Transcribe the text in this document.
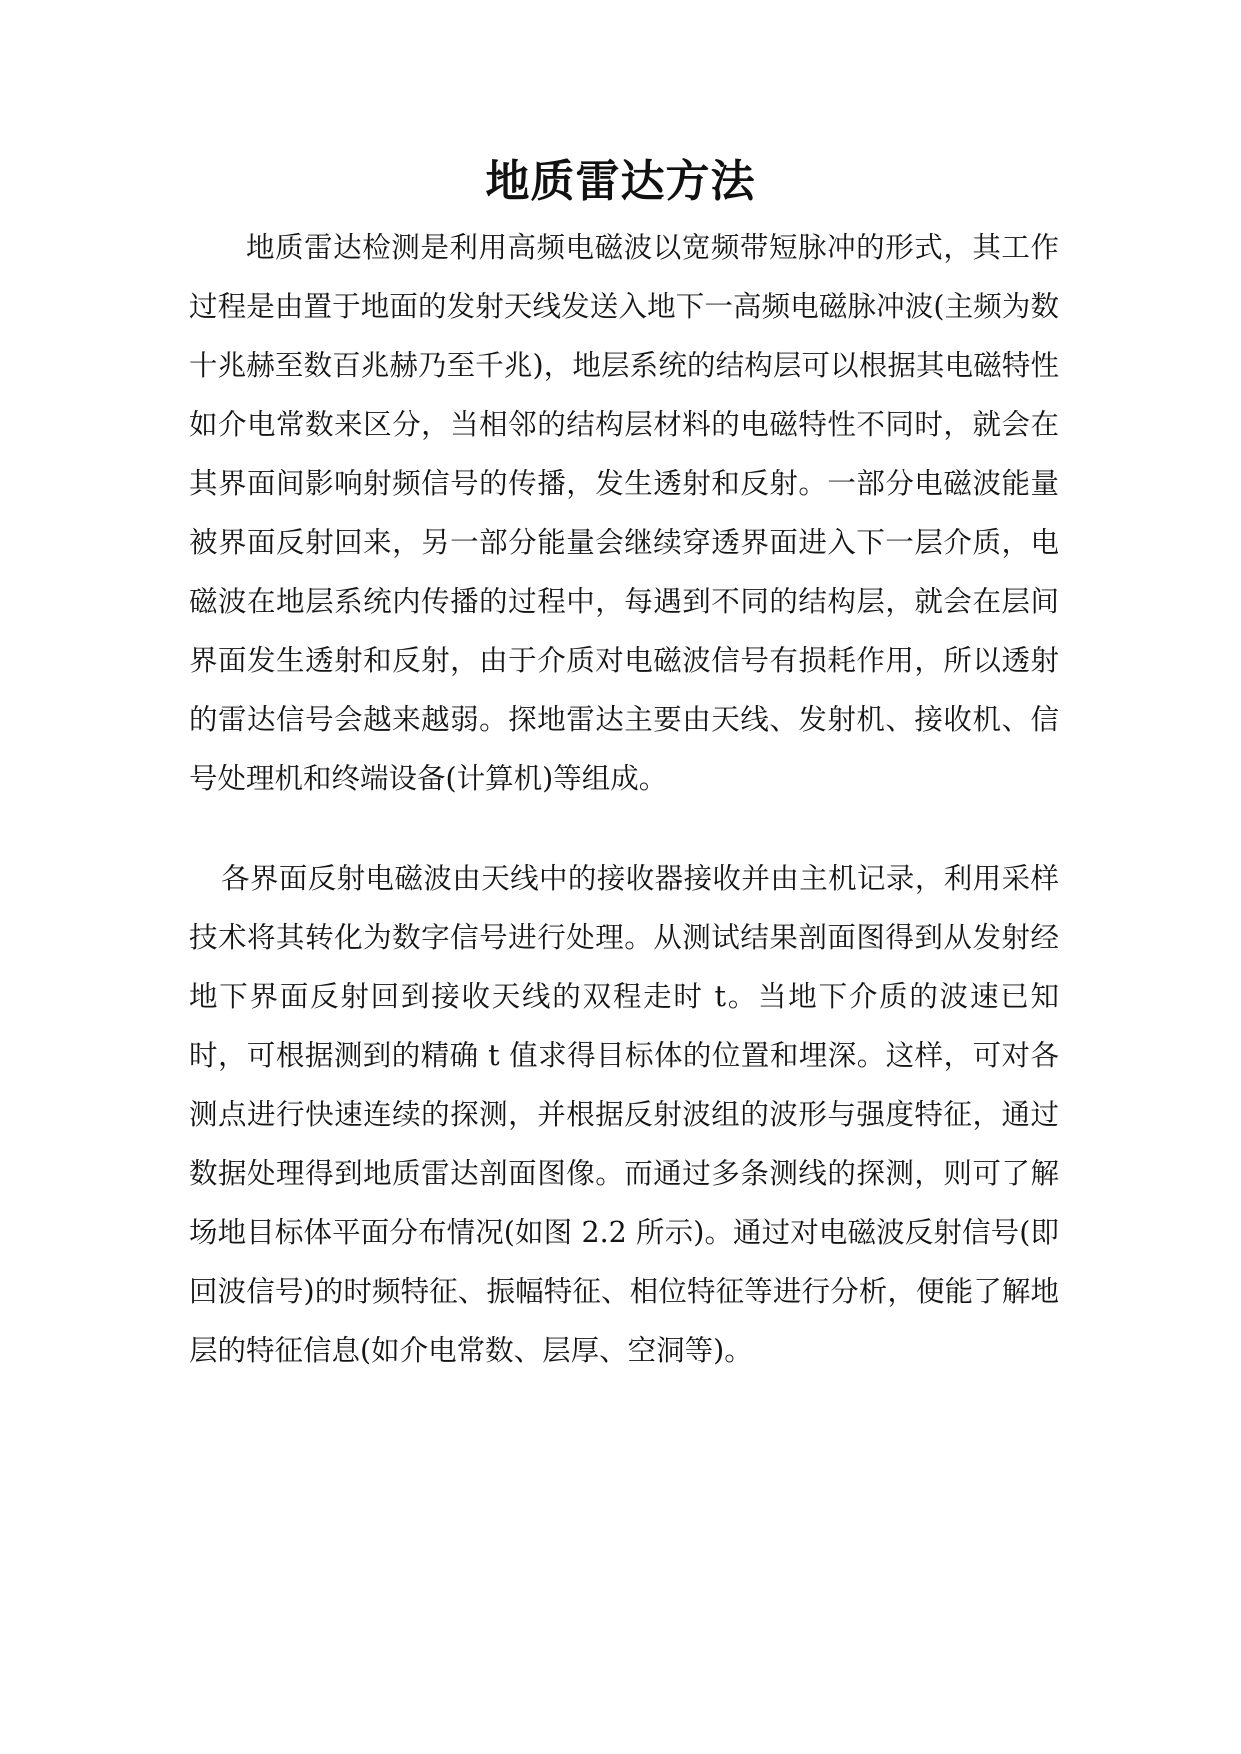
地质雷达方法

地质雷达检测是利用高频电磁波以宽频带短脉冲的形式，其工作过程是由置于地面的发射天线发送入地下一高频电磁脉冲波(主频为数十兆赫至数百兆赫乃至千兆)，地层系统的结构层可以根据其电磁特性如介电常数来区分，当相邻的结构层材料的电磁特性不同时，就会在其界面间影响射频信号的传播，发生透射和反射。一部分电磁波能量被界面反射回来，另一部分能量会继续穿透界面进入下一层介质，电磁波在地层系统内传播的过程中，每遇到不同的结构层，就会在层间界面发生透射和反射，由于介质对电磁波信号有损耗作用，所以透射的雷达信号会越来越弱。探地雷达主要由天线、发射机、接收机、信号处理机和终端设备(计算机)等组成。

各界面反射电磁波由天线中的接收器接收并由主机记录，利用采样技术将其转化为数字信号进行处理。从测试结果剖面图得到从发射经地下界面反射回到接收天线的双程走时 t。当地下介质的波速已知时，可根据测到的精确 t 值求得目标体的位置和埋深。这样，可对各测点进行快速连续的探测，并根据反射波组的波形与强度特征，通过数据处理得到地质雷达剖面图像。而通过多条测线的探测，则可了解场地目标体平面分布情况(如图 2.2 所示)。通过对电磁波反射信号(即回波信号)的时频特征、振幅特征、相位特征等进行分析，便能了解地层的特征信息(如介电常数、层厚、空洞等)。
